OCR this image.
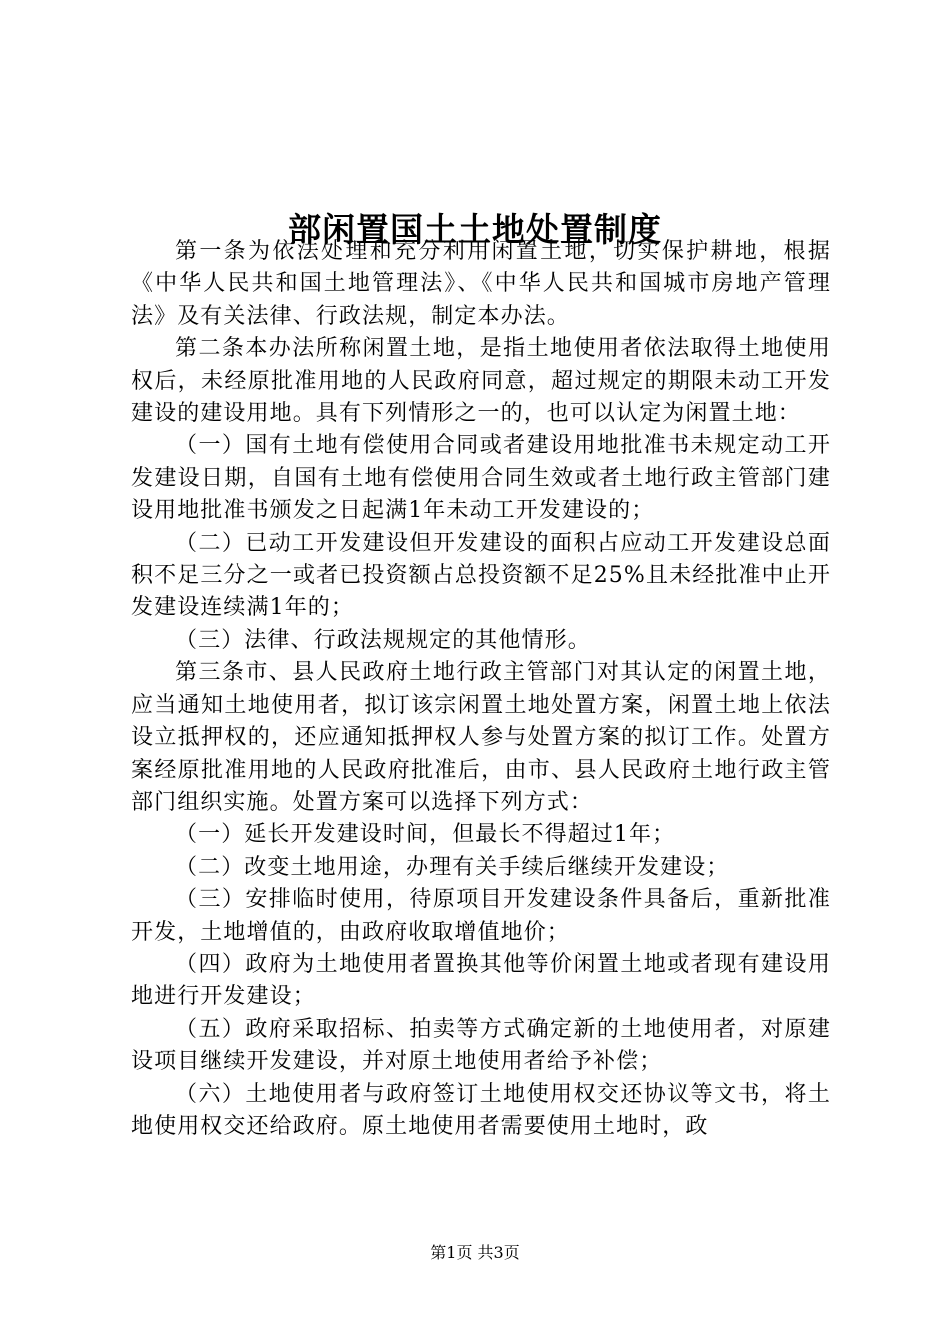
部闲置国土土地处置制度

第一条为依法处理和充分利用闲置土地，切实保护耕地，根据《中华人民共和国土地管理法》、《中华人民共和国城市房地产管理法》及有关法律、行政法规，制定本办法。

第二条本办法所称闲置土地，是指土地使用者依法取得土地使用权后，未经原批准用地的人民政府同意，超过规定的期限未动工开发建设的建设用地。具有下列情形之一的，也可以认定为闲置土地：

（一）国有土地有偿使用合同或者建设用地批准书未规定动工开发建设日期，自国有土地有偿使用合同生效或者土地行政主管部门建设用地批准书颁发之日起满1年未动工开发建设的；

（二）已动工开发建设但开发建设的面积占应动工开发建设总面积不足三分之一或者已投资额占总投资额不足25%且未经批准中止开发建设连续满1年的；

（三）法律、行政法规规定的其他情形。

第三条市、县人民政府土地行政主管部门对其认定的闲置土地，应当通知土地使用者，拟订该宗闲置土地处置方案，闲置土地上依法设立抵押权的，还应通知抵押权人参与处置方案的拟订工作。处置方案经原批准用地的人民政府批准后，由市、县人民政府土地行政主管部门组织实施。处置方案可以选择下列方式：

（一）延长开发建设时间，但最长不得超过1年；

（二）改变土地用途，办理有关手续后继续开发建设；

（三）安排临时使用，待原项目开发建设条件具备后，重新批准开发，土地增值的，由政府收取增值地价；

（四）政府为土地使用者置换其他等价闲置土地或者现有建设用地进行开发建设；

（五）政府采取招标、拍卖等方式确定新的土地使用者，对原建设项目继续开发建设，并对原土地使用者给予补偿；

（六）土地使用者与政府签订土地使用权交还协议等文书，将土地使用权交还给政府。原土地使用者需要使用土地时，政

第1页 共3页
